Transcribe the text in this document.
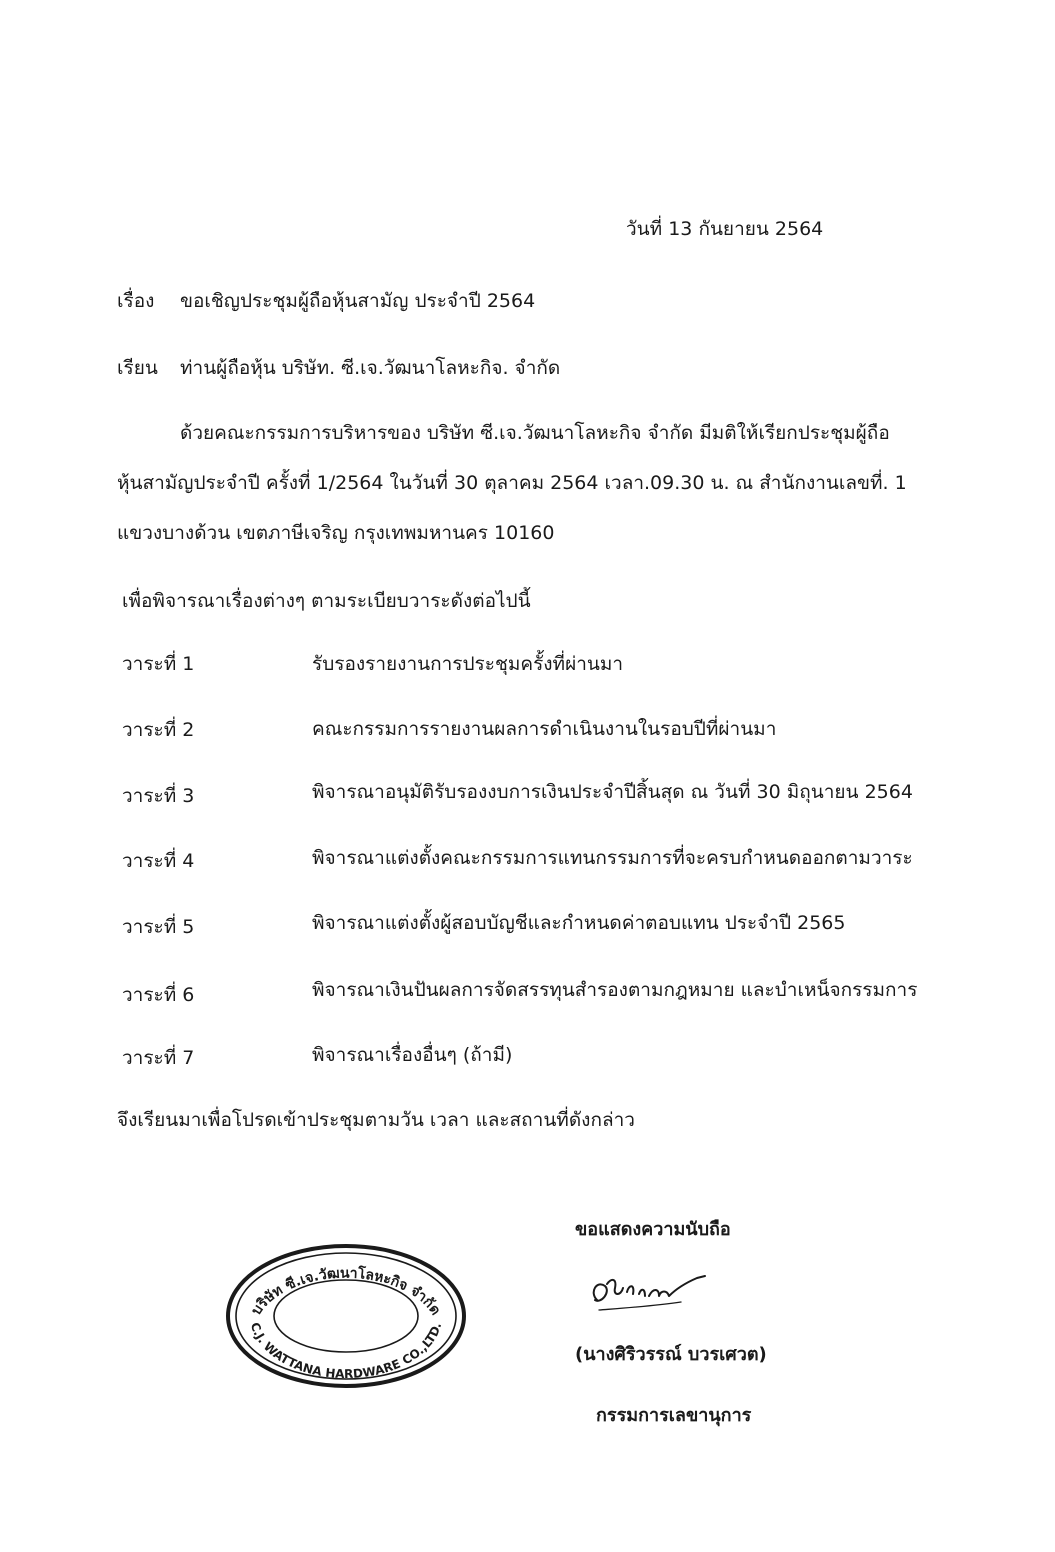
วันที่ 13 กันยายน 2564
เรื่อง ขอเชิญประชุมผู้ถือหุ้นสามัญ ประจำปี 2564
เรียน ท่านผู้ถือหุ้น บริษัท. ซี.เจ.วัฒนาโลหะกิจ. จำกัด
ด้วยคณะกรรมการบริหารของ บริษัท ซี.เจ.วัฒนาโลหะกิจ จำกัด มีมติให้เรียกประชุมผู้ถือ
หุ้นสามัญประจำปี ครั้งที่ 1/2564 ในวันที่ 30 ตุลาคม 2564 เวลา.09.30 น. ณ สำนักงานเลขที่. 1
แขวงบางด้วน เขตภาษีเจริญ กรุงเทพมหานคร 10160
เพื่อพิจารณาเรื่องต่างๆ ตามระเบียบวาระดังต่อไปนี้
วาระที่ 1	รับรองรายงานการประชุมครั้งที่ผ่านมา
วาระที่ 2	คณะกรรมการรายงานผลการดำเนินงานในรอบปีที่ผ่านมา
วาระที่ 3	พิจารณาอนุมัติรับรองงบการเงินประจำปีสิ้นสุด ณ วันที่ 30 มิถุนายน 2564
วาระที่ 4	พิจารณาแต่งตั้งคณะกรรมการแทนกรรมการที่จะครบกำหนดออกตามวาระ
วาระที่ 5	พิจารณาแต่งตั้งผู้สอบบัญชีและกำหนดค่าตอบแทน ประจำปี 2565
วาระที่ 6	พิจารณาเงินปันผลการจัดสรรทุนสำรองตามกฎหมาย และบำเหน็จกรรมการ
วาระที่ 7	พิจารณาเรื่องอื่นๆ (ถ้ามี)
จึงเรียนมาเพื่อโปรดเข้าประชุมตามวัน เวลา และสถานที่ดังกล่าว
ขอแสดงความนับถือ
(นางศิริวรรณ์ บวรเศวต)
กรรมการเลขานุการ
บริษัท ซี.เจ.วัฒนาโลหะกิจ จำกัด
C.J. WATTANA HARDWARE CO.,LTD.
